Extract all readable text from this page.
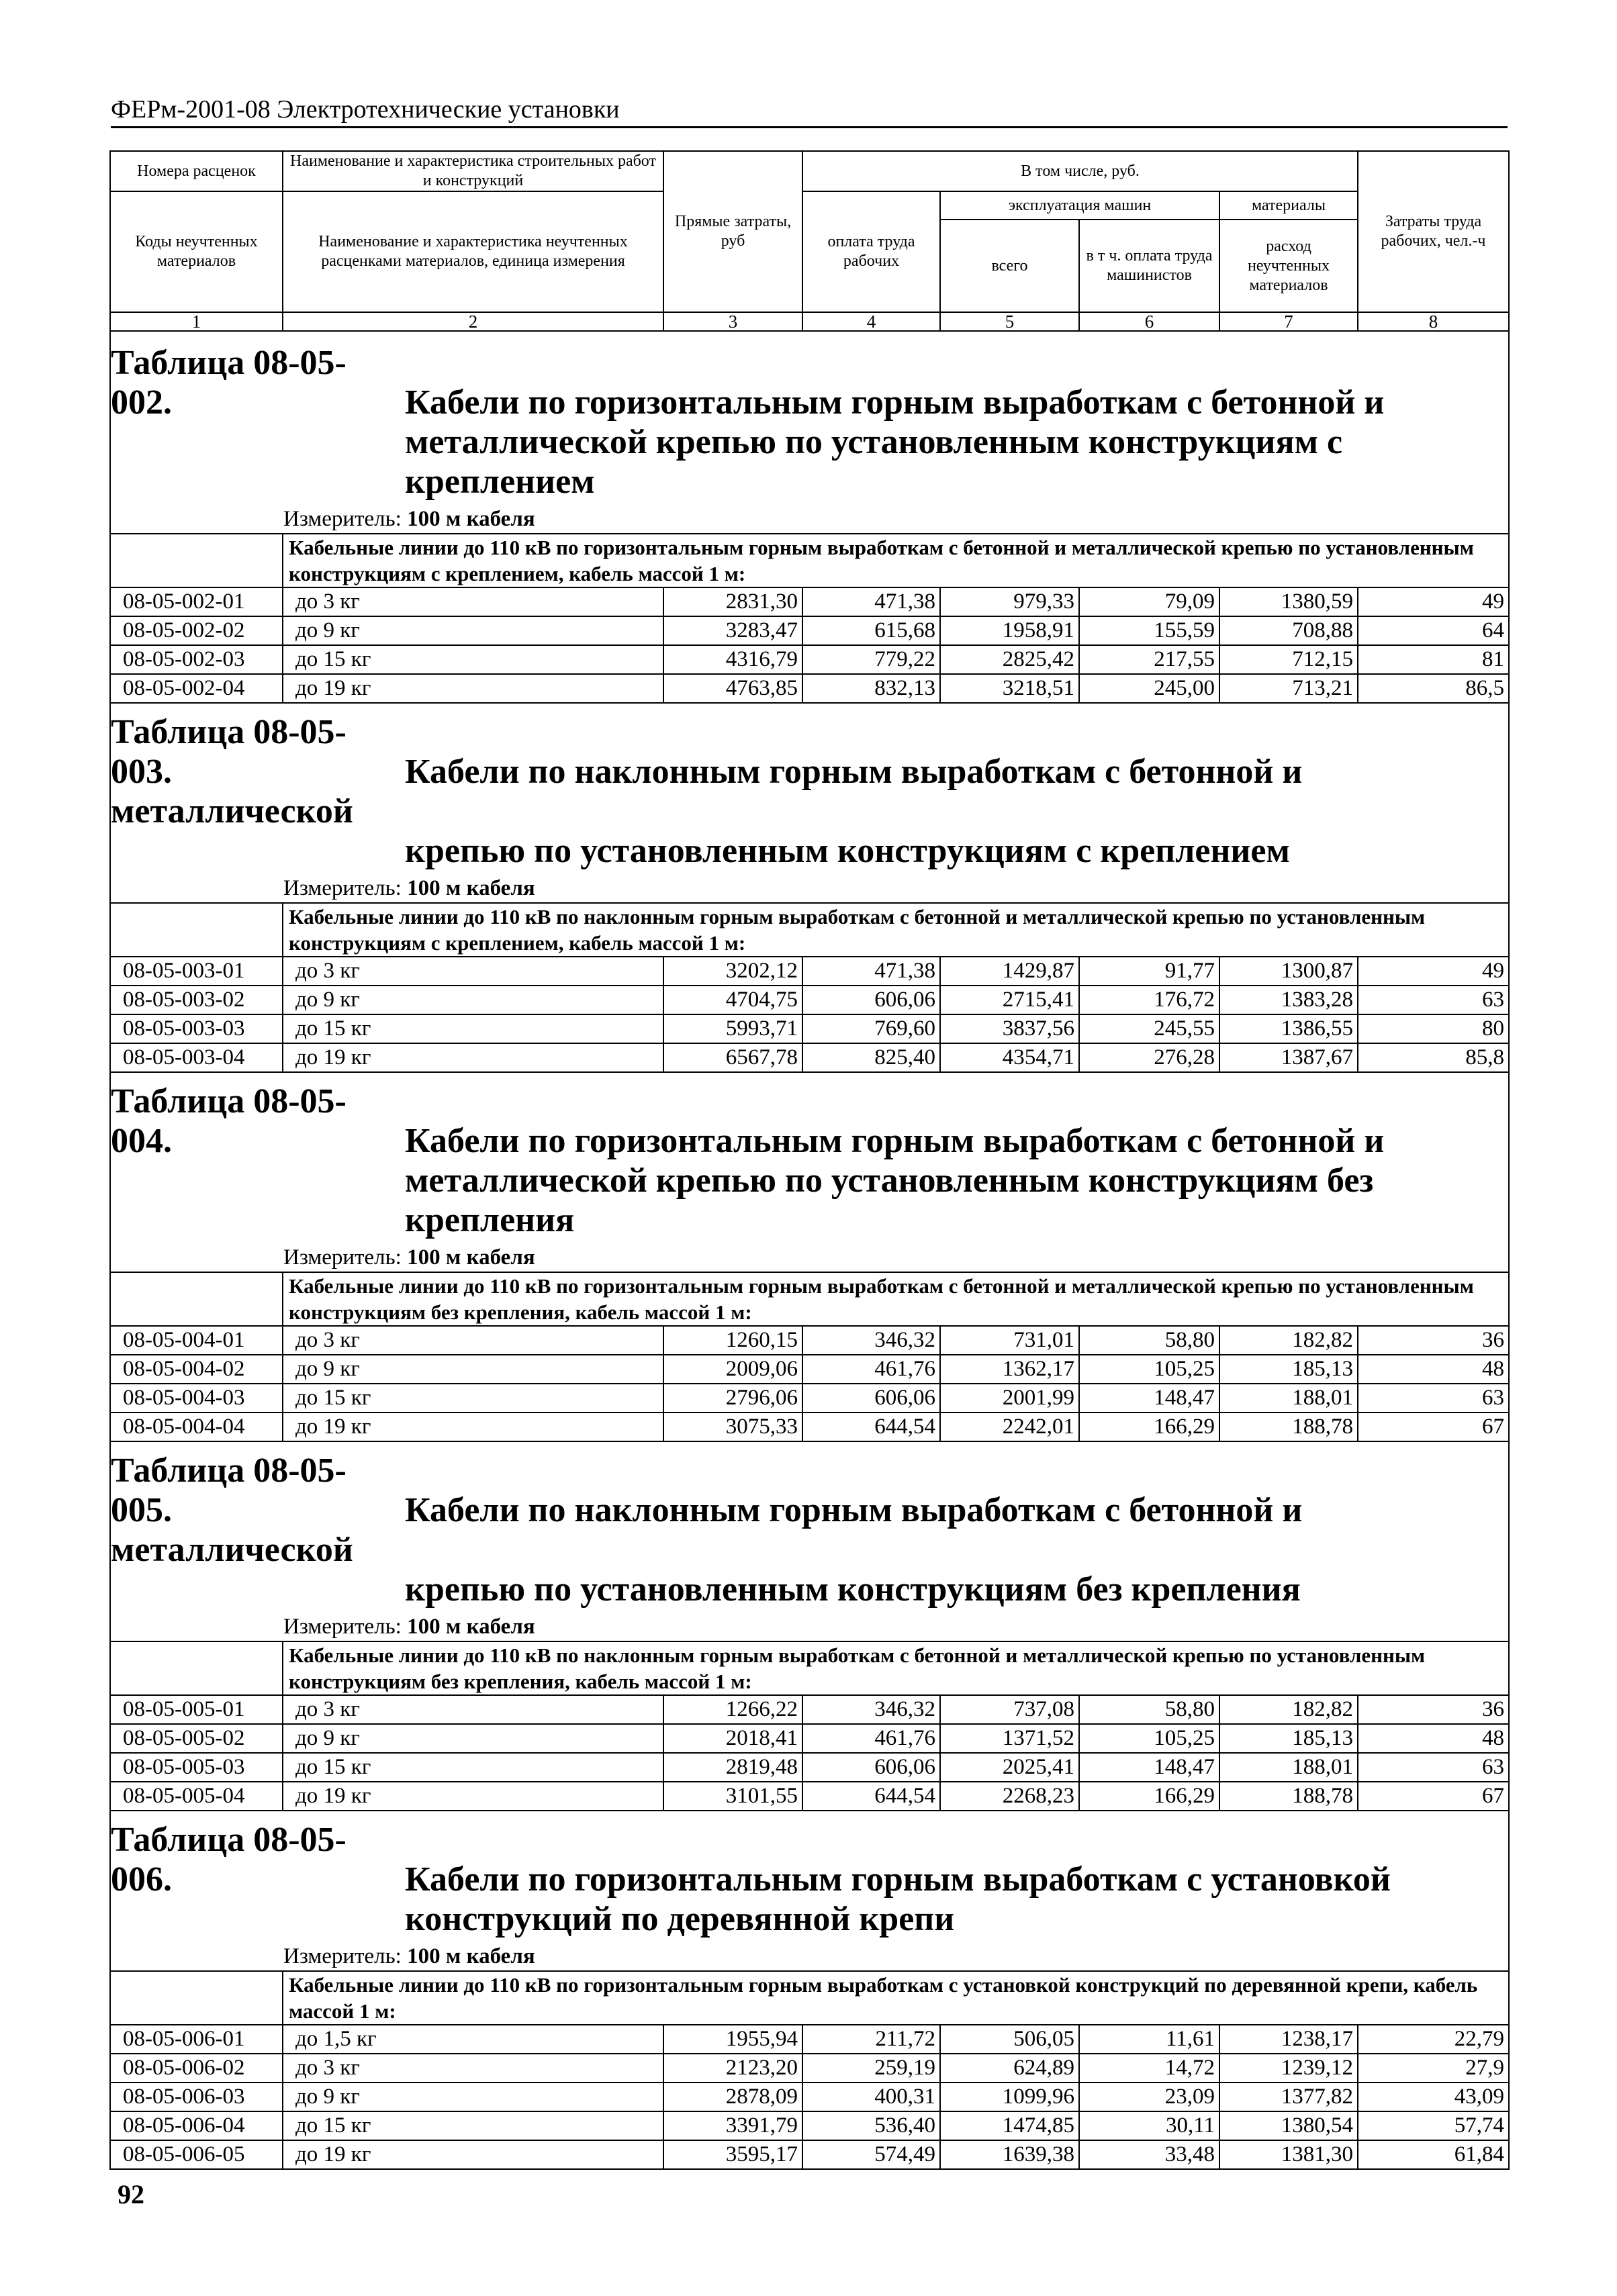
ФЕРм-2001-08 Электротехнические установки
Номера расценок	Наименование и характеристика строительных работ и конструкций	Прямые затраты, руб	В том числе, руб.				Затраты труда рабочих, чел.-ч
Коды неучтенных материалов	Наименование и характеристика неучтенных расценками материалов, единица измерения		оплата труда рабочих	эксплуатация машин		материалы	
				всего	в т ч. оплата труда машинистов	расход неучтенных материалов	

1	2	3	4	5	6	7	8

Таблица 08-05-002. Кабели по горизонтальным горным выработкам с бетонной и
металлической крепью по установленным конструкциям с креплением
Измеритель: 100 м кабеля							

	Кабельные линии до 110 кВ по горизонтальным горным выработкам с бетонной и металлической крепью по установленным конструкциям с креплением, кабель массой 1 м:						
08-05-002-01	до 3 кг	2831,30	471,38	979,33	79,09	1380,59	49
08-05-002-02	до 9 кг	3283,47	615,68	1958,91	155,59	708,88	64
08-05-002-03	до 15 кг	4316,79	779,22	2825,42	217,55	712,15	81
08-05-002-04	до 19 кг	4763,85	832,13	3218,51	245,00	713,21	86,5

Таблица 08-05-003. Кабели по наклонным горным выработкам с бетонной и металлической
крепью по установленным конструкциям с креплением
Измеритель: 100 м кабеля							

	Кабельные линии до 110 кВ по наклонным горным выработкам с бетонной и металлической крепью по установленным конструкциям с креплением, кабель массой 1 м:						
08-05-003-01	до 3 кг	3202,12	471,38	1429,87	91,77	1300,87	49
08-05-003-02	до 9 кг	4704,75	606,06	2715,41	176,72	1383,28	63
08-05-003-03	до 15 кг	5993,71	769,60	3837,56	245,55	1386,55	80
08-05-003-04	до 19 кг	6567,78	825,40	4354,71	276,28	1387,67	85,8

Таблица 08-05-004. Кабели по горизонтальным горным выработкам с бетонной и
металлической крепью по установленным конструкциям без крепления
Измеритель: 100 м кабеля							

	Кабельные линии до 110 кВ по горизонтальным горным выработкам с бетонной и металлической крепью по установленным конструкциям без крепления, кабель массой 1 м:						
08-05-004-01	до 3 кг	1260,15	346,32	731,01	58,80	182,82	36
08-05-004-02	до 9 кг	2009,06	461,76	1362,17	105,25	185,13	48
08-05-004-03	до 15 кг	2796,06	606,06	2001,99	148,47	188,01	63
08-05-004-04	до 19 кг	3075,33	644,54	2242,01	166,29	188,78	67

Таблица 08-05-005. Кабели по наклонным горным выработкам с бетонной и металлической
крепью по установленным конструкциям без крепления
Измеритель: 100 м кабеля							

	Кабельные линии до 110 кВ по наклонным горным выработкам с бетонной и металлической крепью по установленным конструкциям без крепления, кабель массой 1 м:						
08-05-005-01	до 3 кг	1266,22	346,32	737,08	58,80	182,82	36
08-05-005-02	до 9 кг	2018,41	461,76	1371,52	105,25	185,13	48
08-05-005-03	до 15 кг	2819,48	606,06	2025,41	148,47	188,01	63
08-05-005-04	до 19 кг	3101,55	644,54	2268,23	166,29	188,78	67

Таблица 08-05-006. Кабели по горизонтальным горным выработкам с установкой
конструкций по деревянной крепи
Измеритель: 100 м кабеля							

	Кабельные линии до 110 кВ по горизонтальным горным выработкам с установкой конструкций по деревянной крепи, кабель массой 1 м:						
08-05-006-01	до 1,5 кг	1955,94	211,72	506,05	11,61	1238,17	22,79
08-05-006-02	до 3 кг	2123,20	259,19	624,89	14,72	1239,12	27,9
08-05-006-03	до 9 кг	2878,09	400,31	1099,96	23,09	1377,82	43,09
08-05-006-04	до 15 кг	3391,79	536,40	1474,85	30,11	1380,54	57,74
08-05-006-05	до 19 кг	3595,17	574,49	1639,38	33,48	1381,30	61,84
92
